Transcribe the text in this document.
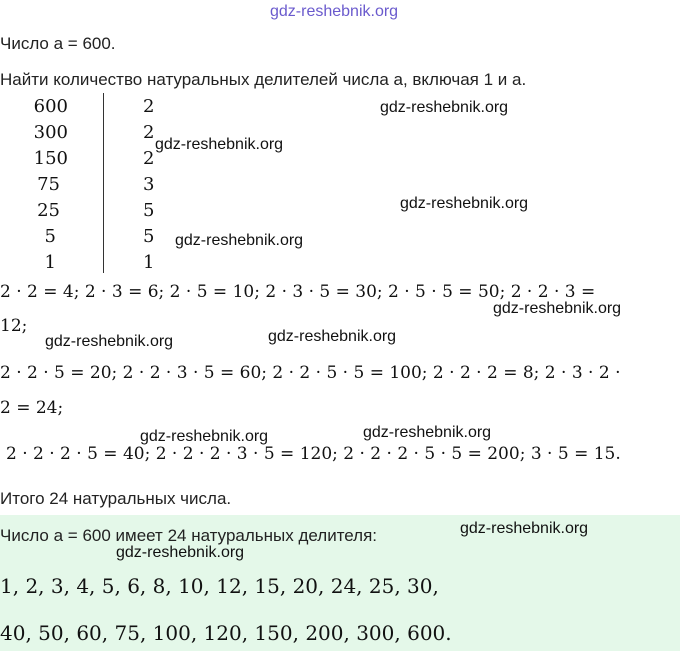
gdz-reshebnik.org
Число a = 600.
Найти количество натуральных делителей числа a, включая 1 и a.
600
300
150
75
25
5
1
2
2
2
3
5
5
1
2 · 2 = 4; 2 · 3 = 6; 2 · 5 = 10; 2 · 3 · 5 = 30; 2 · 5 · 5 = 50; 2 · 2 · 3 =
12;
2 · 2 · 5 = 20; 2 · 2 · 3 · 5 = 60; 2 · 2 · 5 · 5 = 100; 2 · 2 · 2 = 8; 2 · 3 · 2 ·
2 = 24;
2 · 2 · 2 · 5 = 40; 2 · 2 · 2 · 3 · 5 = 120; 2 · 2 · 2 · 5 · 5 = 200; 3 · 5 = 15.
Итого 24 натуральных числа.
Число a = 600 имеет 24 натуральных делителя:
1, 2, 3, 4, 5, 6, 8, 10, 12, 15, 20, 24, 25, 30,
40, 50, 60, 75, 100, 120, 150, 200, 300, 600.
gdz-reshebnik.org
gdz-reshebnik.org
gdz-reshebnik.org
gdz-reshebnik.org
gdz-reshebnik.org
gdz-reshebnik.org	gdz-reshebnik.org
gdz-reshebnik.org	gdz-reshebnik.org
gdz-reshebnik.org
gdz-reshebnik.org
